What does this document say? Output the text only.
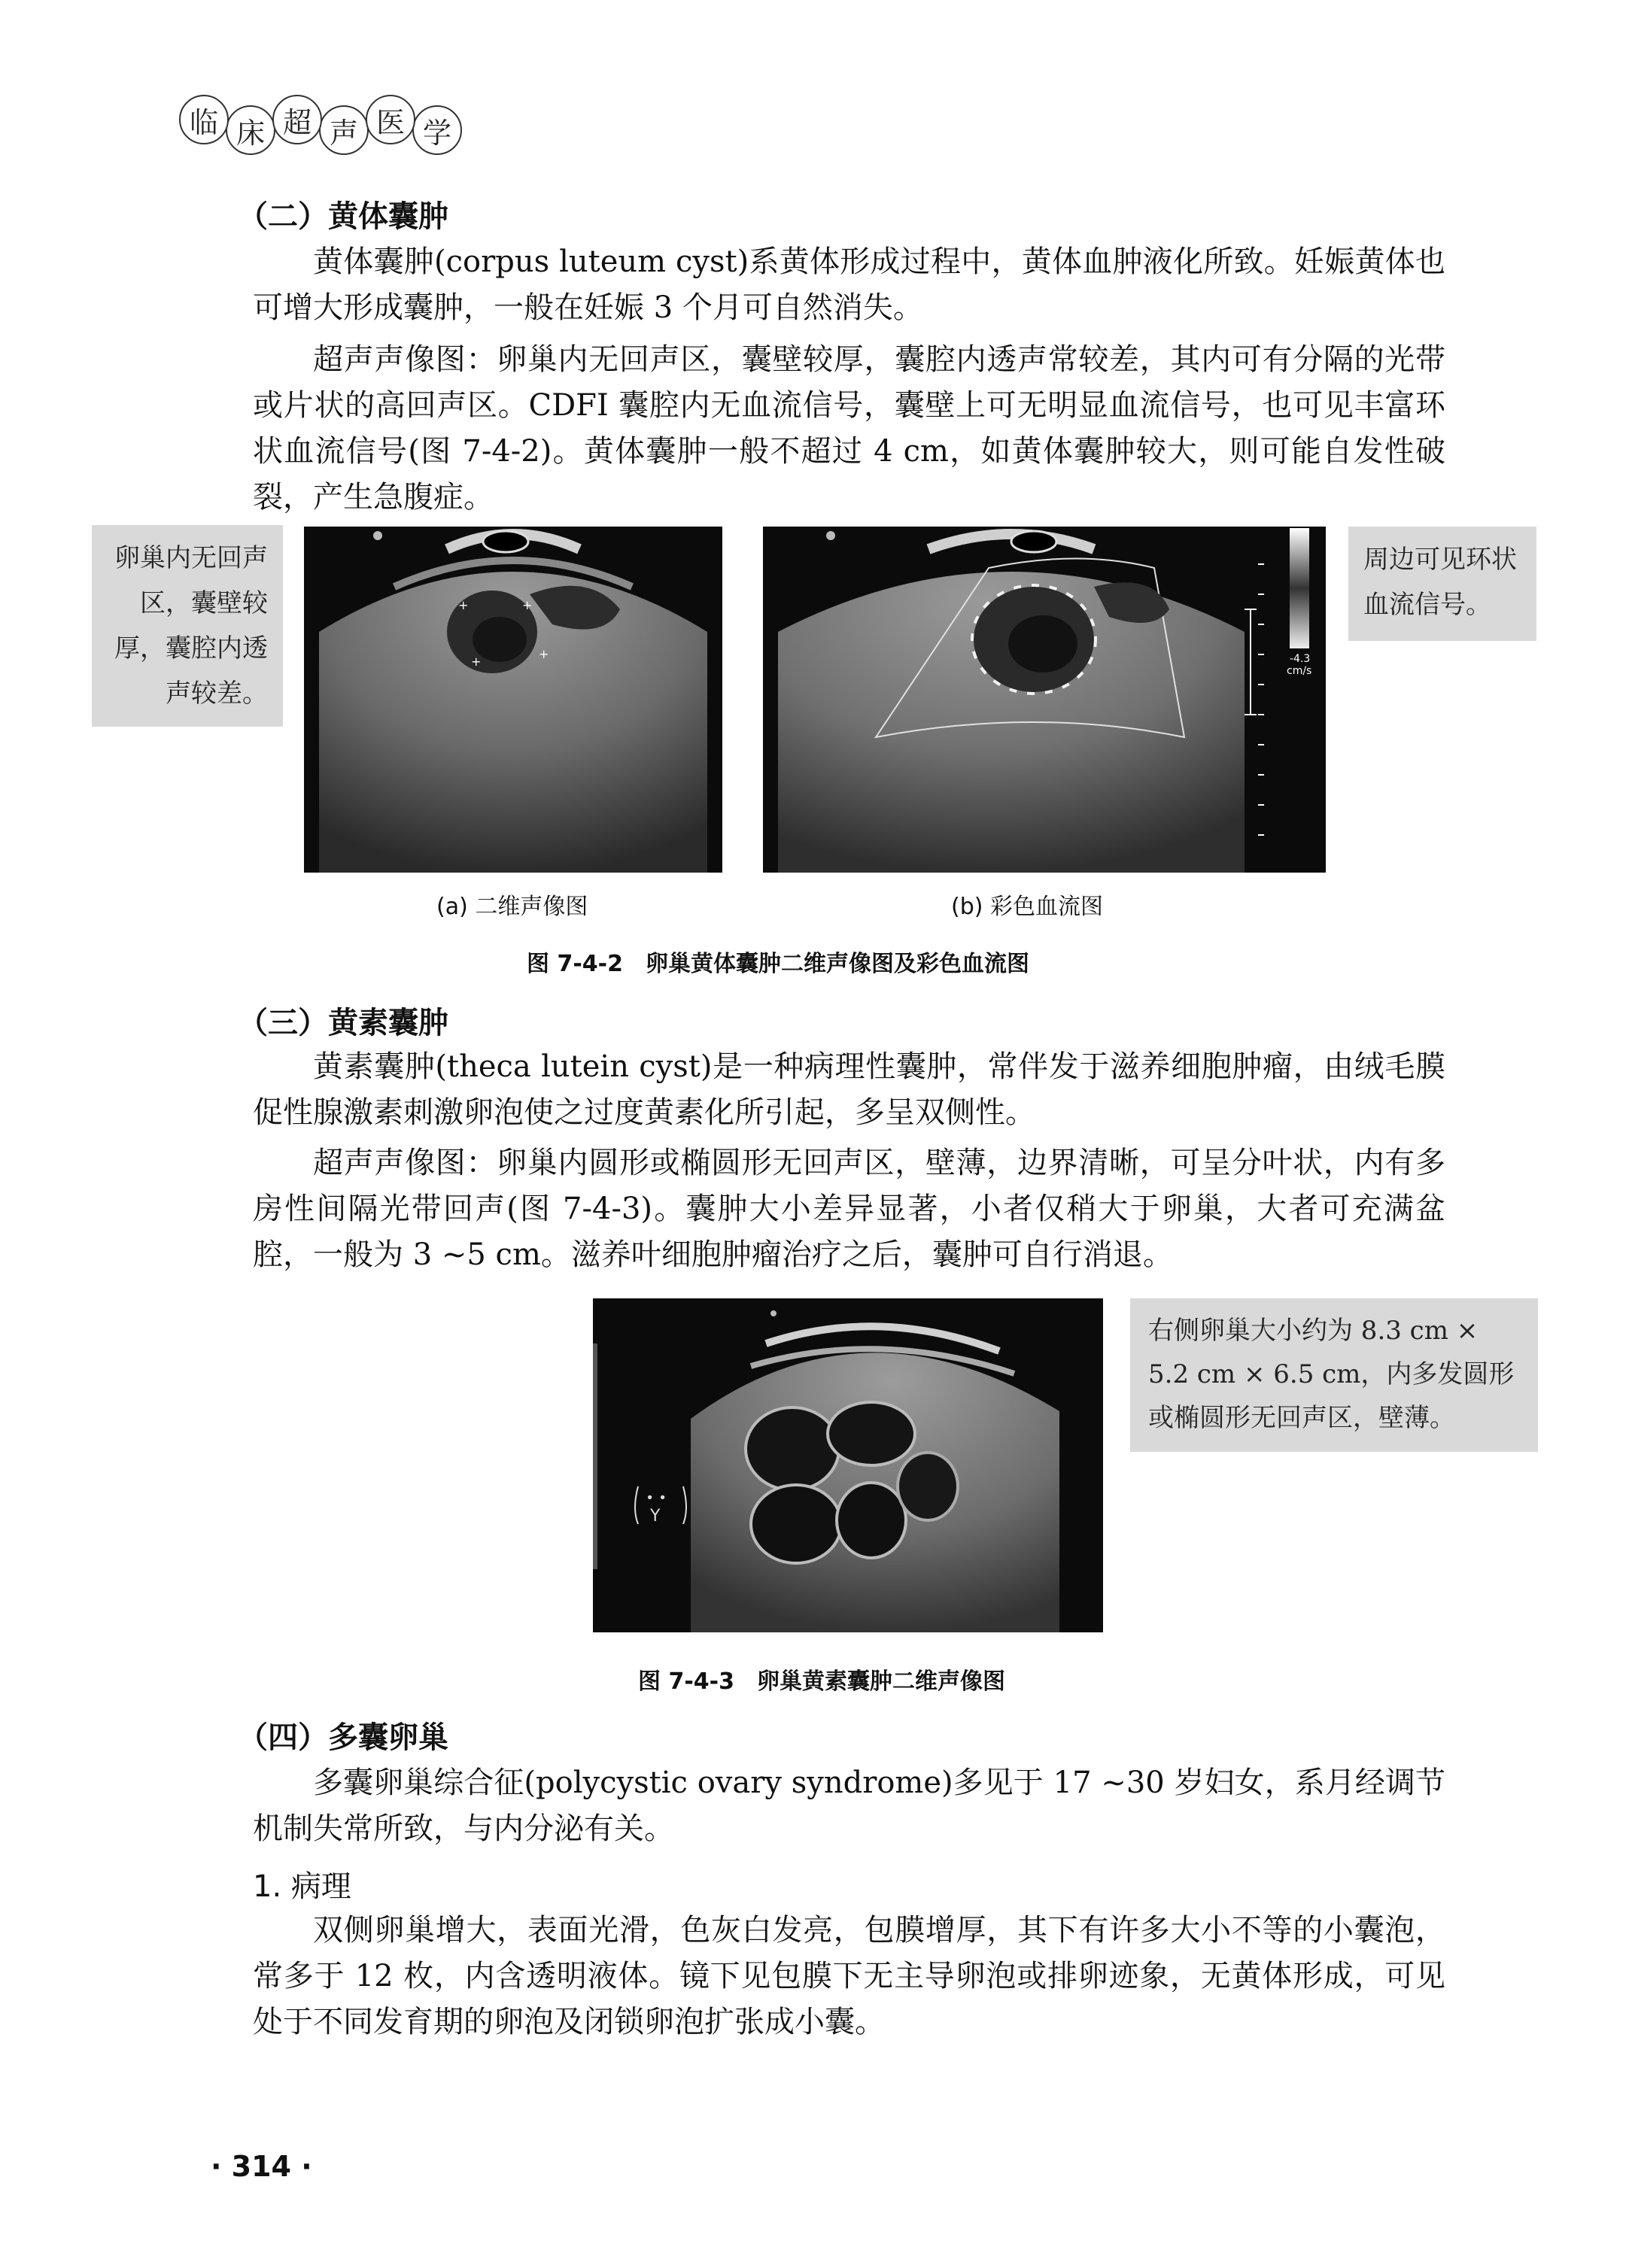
临 床 超 声 医 学
（二）黄体囊肿
黄体囊肿(corpus luteum cyst)系黄体形成过程中，黄体血肿液化所致。妊娠黄体也可增大形成囊肿，一般在妊娠 3 个月可自然消失。
超声声像图：卵巢内无回声区，囊壁较厚，囊腔内透声常较差，其内可有分隔的光带或片状的高回声区。CDFI 囊腔内无血流信号，囊壁上可无明显血流信号，也可见丰富环状血流信号(图 7-4-2)。黄体囊肿一般不超过 4 cm，如黄体囊肿较大，则可能自发性破裂，产生急腹症。
卵巢内无回声区，囊壁较厚，囊腔内透声较差。
+	+
+
+
(a) 二维声像图
-4.3
cm/s
(b) 彩色血流图
周边可见环状血流信号。
图 7-4-2　卵巢黄体囊肿二维声像图及彩色血流图
（三）黄素囊肿
黄素囊肿(theca lutein cyst)是一种病理性囊肿，常伴发于滋养细胞肿瘤，由绒毛膜促性腺激素刺激卵泡使之过度黄素化所引起，多呈双侧性。
超声声像图：卵巢内圆形或椭圆形无回声区，壁薄，边界清晰，可呈分叶状，内有多房性间隔光带回声(图 7-4-3)。囊肿大小差异显著，小者仅稍大于卵巢，大者可充满盆腔，一般为 3 ~5 cm。滋养叶细胞肿瘤治疗之后，囊肿可自行消退。
∙ ∙
Y
右侧卵巢大小约为 8.3 cm × 5.2 cm × 6.5 cm，内多发圆形或椭圆形无回声区，壁薄。
图 7-4-3　卵巢黄素囊肿二维声像图
（四）多囊卵巢
多囊卵巢综合征(polycystic ovary syndrome)多见于 17 ~30 岁妇女，系月经调节机制失常所致，与内分泌有关。
1. 病理
双侧卵巢增大，表面光滑，色灰白发亮，包膜增厚，其下有许多大小不等的小囊泡，常多于 12 枚，内含透明液体。镜下见包膜下无主导卵泡或排卵迹象，无黄体形成，可见处于不同发育期的卵泡及闭锁卵泡扩张成小囊。
· 314 ·
